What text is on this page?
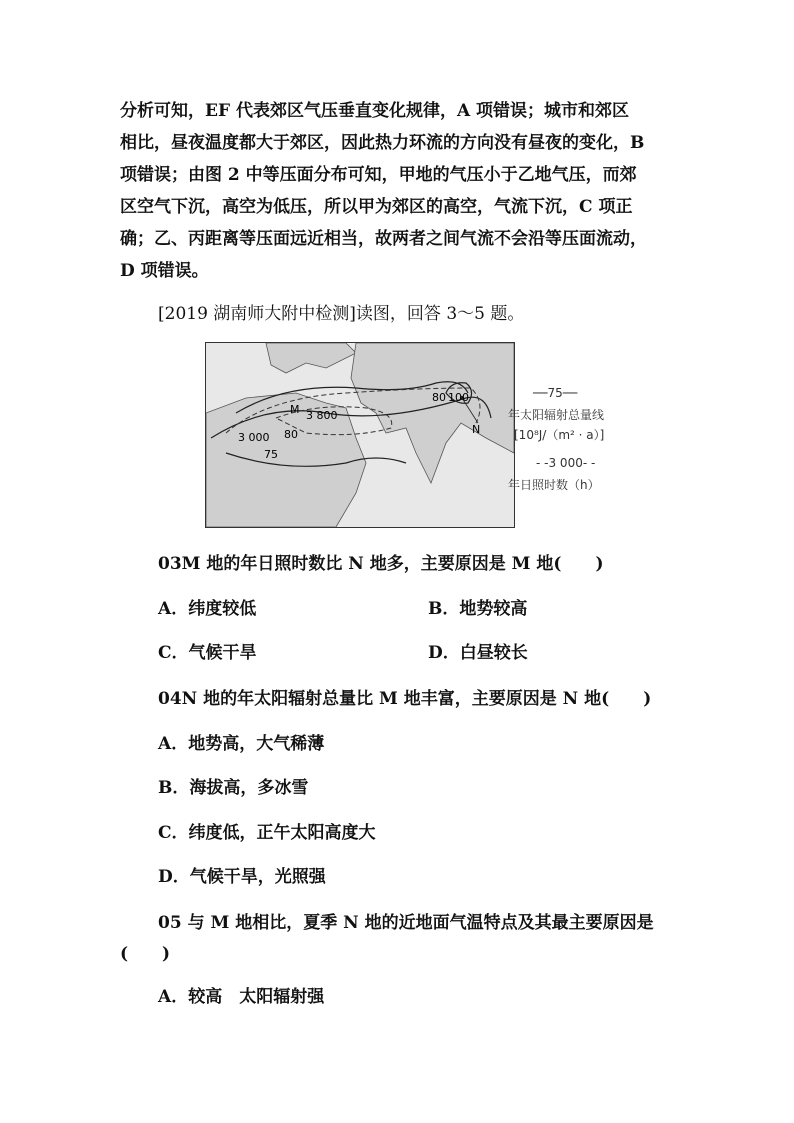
分析可知，EF 代表郊区气压垂直变化规律，A 项错误；城市和郊区
相比，昼夜温度都大于郊区，因此热力环流的方向没有昼夜的变化，B
项错误；由图 2 中等压面分布可知，甲地的气压小于乙地气压，而郊
区空气下沉，高空为低压，所以甲为郊区的高空，气流下沉，C 项正
确；乙、丙距离等压面远近相当，故两者之间气流不会沿等压面流动，
D 项错误。
[2019 湖南师大附中检测]读图，回答 3～5 题。
M 3 800
3 000 80
75
80 100
N
──75──
年太阳辐射总量线
[10⁸J/（m² · a）]
- -3 000- -
年日照时数（h）
03M 地的年日照时数比 N 地多，主要原因是 M 地(　　)
A．纬度较低	B．地势较高
C．气候干旱	D．白昼较长
04N 地的年太阳辐射总量比 M 地丰富，主要原因是 N 地(　　)
A．地势高，大气稀薄
B．海拔高，多冰雪
C．纬度低，正午太阳高度大
D．气候干旱，光照强
05 与 M 地相比，夏季 N 地的近地面气温特点及其最主要原因是
(　　)
A．较高　太阳辐射强
